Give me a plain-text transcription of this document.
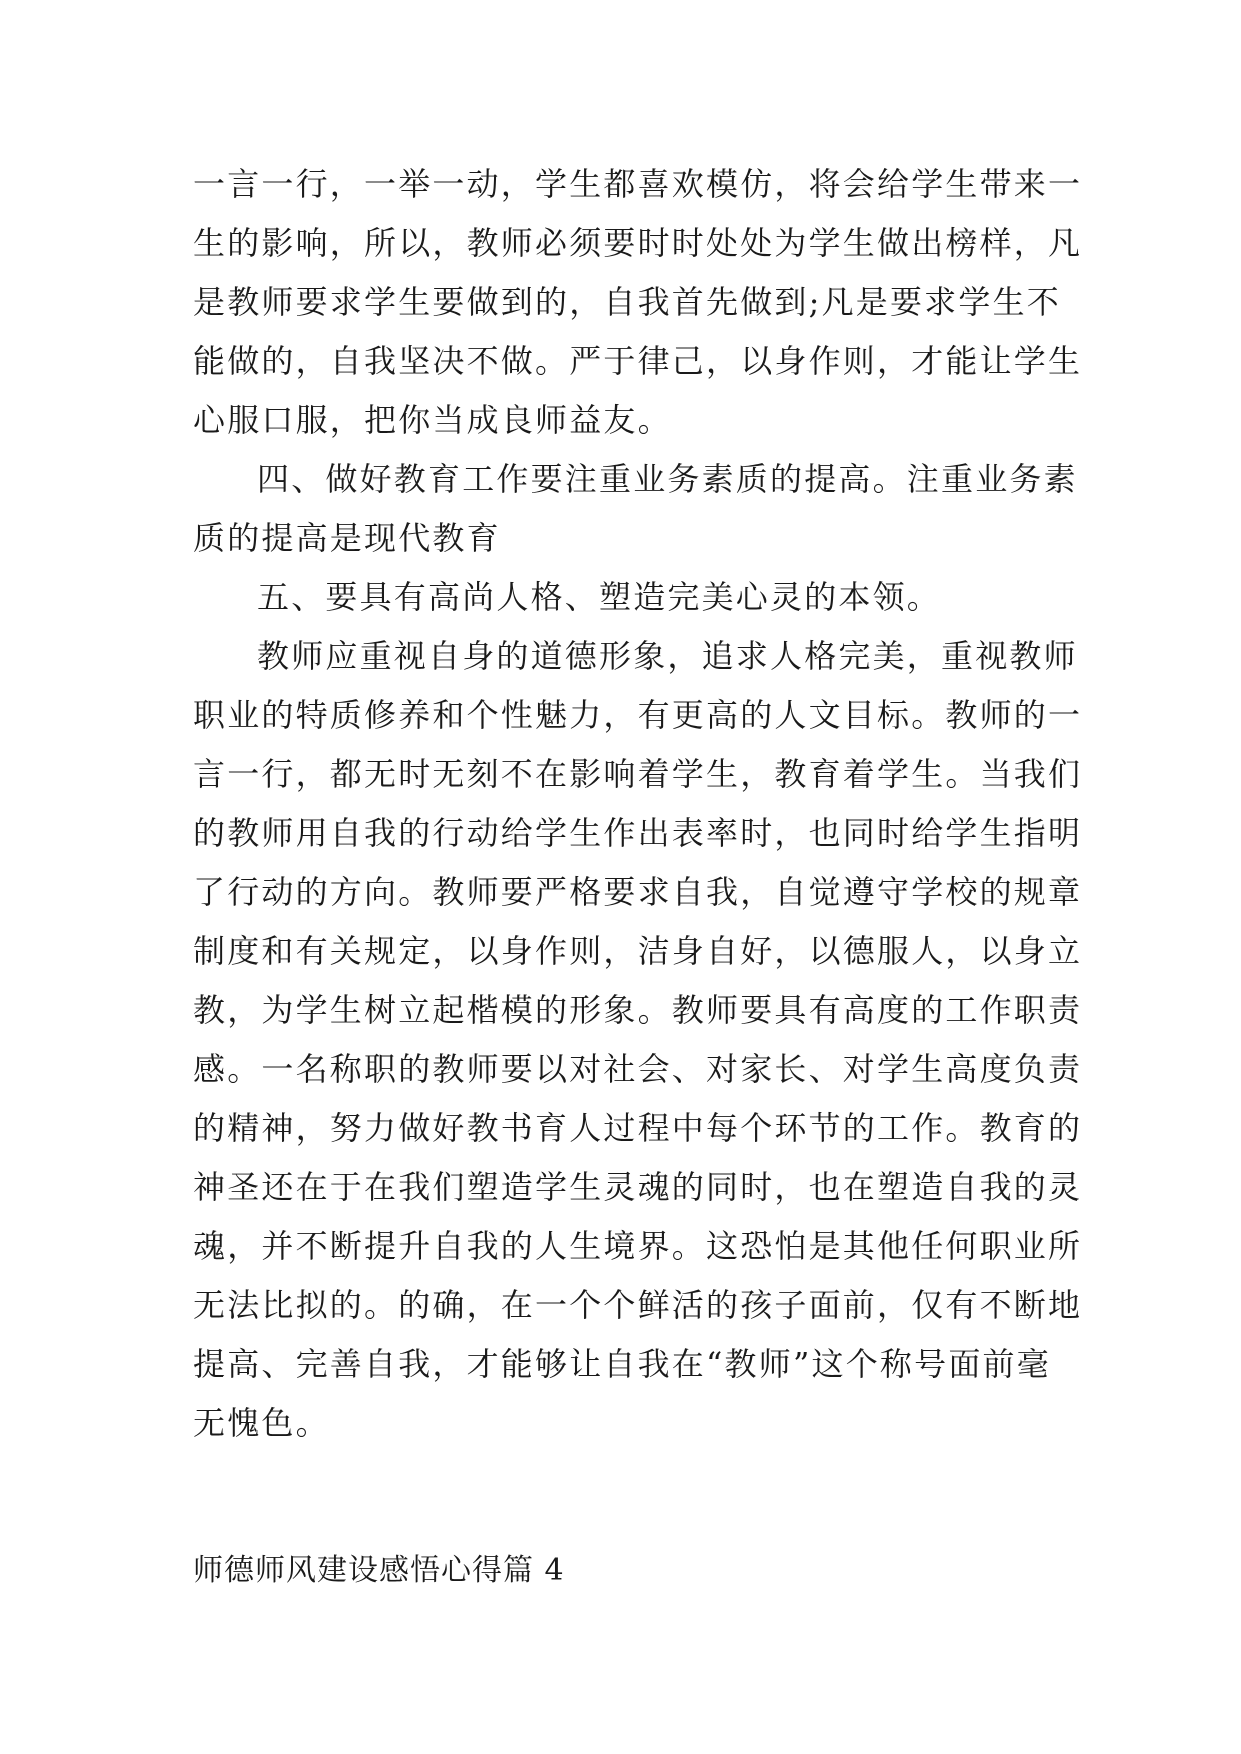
一言一行，一举一动，学生都喜欢模仿，将会给学生带来一
生的影响，所以，教师必须要时时处处为学生做出榜样，凡
是教师要求学生要做到的，自我首先做到;凡是要求学生不
能做的，自我坚决不做。严于律己，以身作则，才能让学生
心服口服，把你当成良师益友。
四、做好教育工作要注重业务素质的提高。注重业务素
质的提高是现代教育
五、要具有高尚人格、塑造完美心灵的本领。
教师应重视自身的道德形象，追求人格完美，重视教师
职业的特质修养和个性魅力，有更高的人文目标。教师的一
言一行，都无时无刻不在影响着学生，教育着学生。当我们
的教师用自我的行动给学生作出表率时，也同时给学生指明
了行动的方向。教师要严格要求自我，自觉遵守学校的规章
制度和有关规定，以身作则，洁身自好，以德服人，以身立
教，为学生树立起楷模的形象。教师要具有高度的工作职责
感。一名称职的教师要以对社会、对家长、对学生高度负责
的精神，努力做好教书育人过程中每个环节的工作。教育的
神圣还在于在我们塑造学生灵魂的同时，也在塑造自我的灵
魂，并不断提升自我的人生境界。这恐怕是其他任何职业所
无法比拟的。的确，在一个个鲜活的孩子面前，仅有不断地
提高、完善自我，才能够让自我在“教师”这个称号面前毫
无愧色。
师德师风建设感悟心得篇 4
